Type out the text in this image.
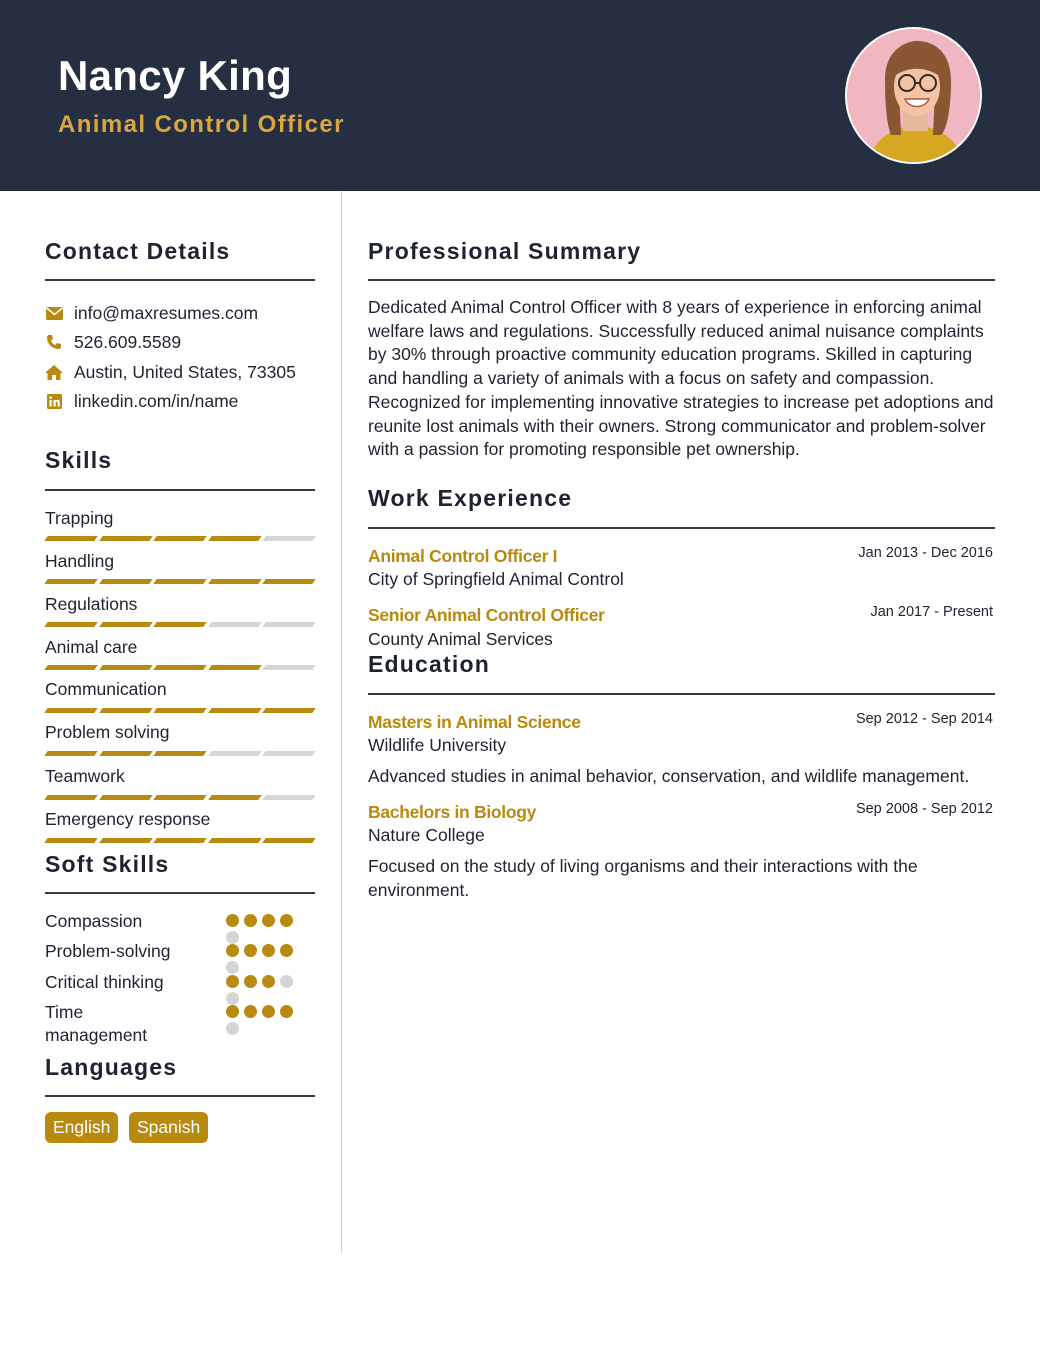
Nancy King
Animal Control Officer
Contact Details
info@maxresumes.com
526.609.5589
Austin, United States, 73305
linkedin.com/in/name
Skills
Trapping
Handling
Regulations
Animal care
Communication
Problem solving
Teamwork
Emergency response
Soft Skills
Compassion
Problem-solving
Critical thinking
Time management
Languages
English	Spanish
Professional Summary
Dedicated Animal Control Officer with 8 years of experience in enforcing animal welfare laws and regulations. Successfully reduced animal nuisance complaints by 30% through proactive community education programs. Skilled in capturing and handling a variety of animals with a focus on safety and compassion. Recognized for implementing innovative strategies to increase pet adoptions and reunite lost animals with their owners. Strong communicator and problem-solver with a passion for promoting responsible pet ownership.
Work Experience
Animal Control Officer I	Jan 2013 - Dec 2016
City of Springfield Animal Control
Senior Animal Control Officer	Jan 2017 - Present
County Animal Services
Education
Masters in Animal Science	Sep 2012 - Sep 2014
Wildlife University
Advanced studies in animal behavior, conservation, and wildlife management.
Bachelors in Biology	Sep 2008 - Sep 2012
Nature College
Focused on the study of living organisms and their interactions with the environment.
